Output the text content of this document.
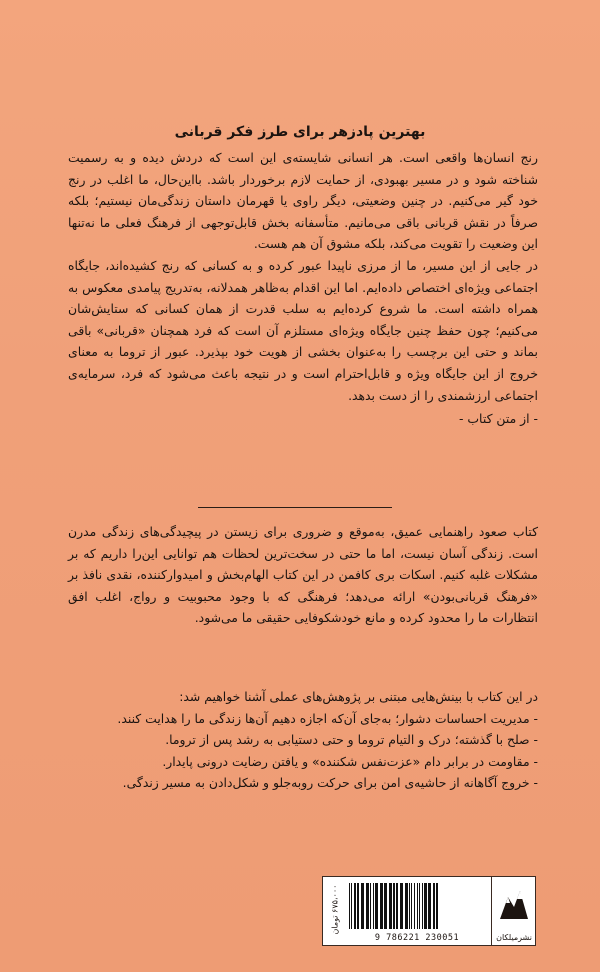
بهترین پادزهر برای طرز فکر قربانی

رنج انسان‌ها واقعی است. هر انسانی شایسته‌ی این است که دردش دیده و به رسمیت شناخته شود و در مسیر بهبودی، از حمایت لازم برخوردار باشد. بااین‌حال، ما اغلب در رنج خود گیر می‌کنیم. در چنین وضعیتی، دیگر راوی یا قهرمان داستان زندگی‌مان نیستیم؛ بلکه صرفاً در نقش قربانی باقی می‌مانیم. متأسفانه بخش قابل‌توجهی از فرهنگ فعلی ما نه‌تنها این وضعیت را تقویت می‌کند، بلکه مشوق آن هم هست.

در جایی از این مسیر، ما از مرزی ناپیدا عبور کرده و به کسانی که رنج کشیده‌اند، جایگاه اجتماعی ویژه‌ای اختصاص داده‌ایم. اما این اقدام به‌ظاهر همدلانه، به‌تدریج پیامدی معکوس به همراه داشته است. ما شروع کرده‌ایم به سلب قدرت از همان کسانی که ستایش‌شان می‌کنیم؛ چون حفظ چنین جایگاه ویژه‌ای مستلزم آن است که فرد همچنان «قربانی» باقی بماند و حتی این برچسب را به‌عنوان بخشی از هویت خود بپذیرد. عبور از تروما به معنای خروج از این جایگاه ویژه و قابل‌احترام است و در نتیجه باعث می‌شود که فرد، سرمایه‌ی اجتماعی ارزشمندی را از دست بدهد.

- از متن کتاب -

کتاب صعود راهنمایی عمیق، به‌موقع و ضروری برای زیستن در پیچیدگی‌های زندگی مدرن است. زندگی آسان نیست، اما ما حتی در سخت‌ترین لحظات هم توانایی این‌را داریم که بر مشکلات غلبه کنیم. اسکات بری کافمن در این کتاب الهام‌بخش و امیدوارکننده، نقدی نافذ بر «فرهنگ قربانی‌بودن» ارائه می‌دهد؛ فرهنگی که با وجود محبوبیت و رواج، اغلب افق انتظارات ما را محدود کرده و مانع خودشکوفایی حقیقی ما می‌شود.

در این کتاب با بینش‌هایی مبتنی بر پژوهش‌های عملی آشنا خواهیم شد:

- مدیریت احساسات دشوار؛ به‌جای آن‌که اجازه دهیم آن‌ها زندگی ما را هدایت کنند.
- صلح با گذشته؛ درک و التیام تروما و حتی دستیابی به رشد پس از تروما.
- مقاومت در برابر دام «عزت‌نفس شکننده» و یافتن رضایت درونی پایدار.
- خروج آگاهانه از حاشیه‌ی امن برای حرکت روبه‌جلو و شکل‌دادن به مسیر زندگی.
۶۷۵،۰۰۰ تومان
9 786221 230051	نشرمیلکان
